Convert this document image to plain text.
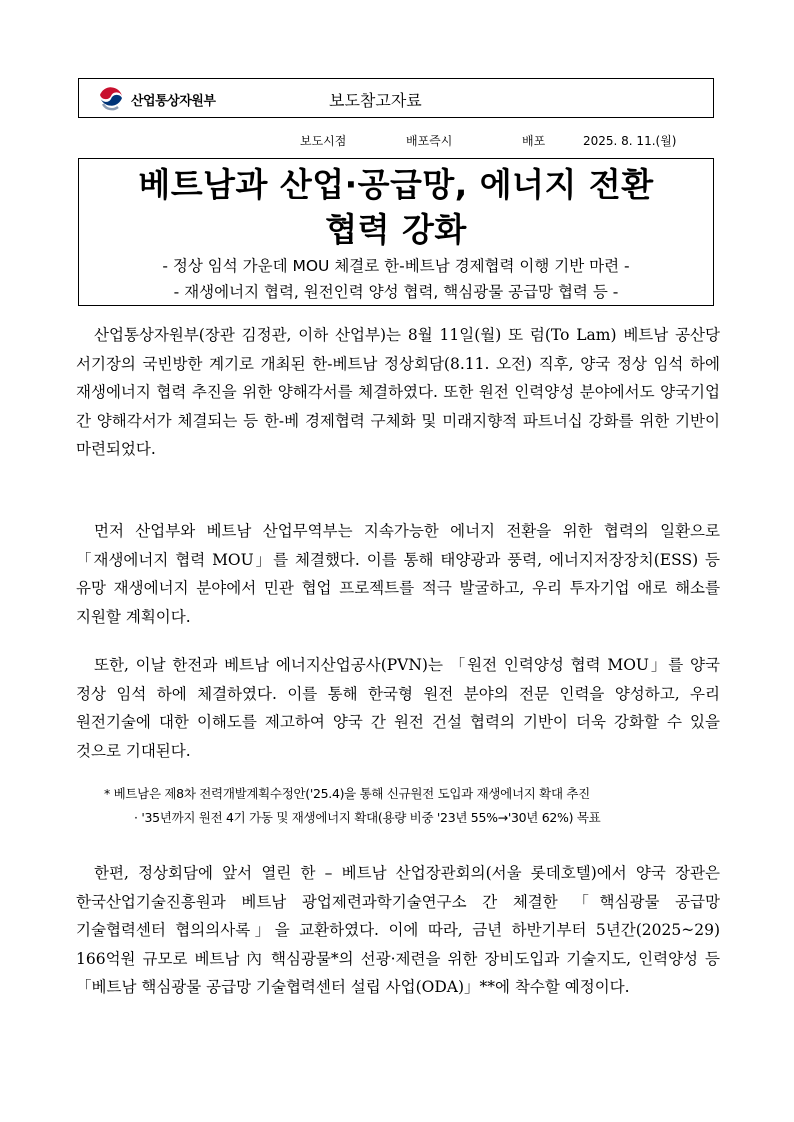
산업통상자원부	보도참고자료
보도시점	배포즉시	배포	2025. 8. 11.(월)
베트남과 산업·공급망, 에너지 전환
협력 강화
- 정상 임석 가운데 MOU 체결로 한-베트남 경제협력 이행 기반 마련 -
- 재생에너지 협력, 원전인력 양성 협력, 핵심광물 공급망 협력 등 -

산업통상자원부(장관 김정관, 이하 산업부)는 8월 11일(월) 또 럼(To Lam) 베트남 공산당 서기장의 국빈방한 계기로 개최된 한-베트남 정상회담(8.11. 오전) 직후, 양국 정상 임석 하에 재생에너지 협력 추진을 위한 양해각서를 체결하였다. 또한 원전 인력양성 분야에서도 양국기업 간 양해각서가 체결되는 등 한-베 경제협력 구체화 및 미래지향적 파트너십 강화를 위한 기반이 마련되었다.

먼저 산업부와 베트남 산업무역부는 지속가능한 에너지 전환을 위한 협력의 일환으로 「재생에너지 협력 MOU」를 체결했다. 이를 통해 태양광과 풍력, 에너지저장장치(ESS) 등 유망 재생에너지 분야에서 민관 협업 프로젝트를 적극 발굴하고, 우리 투자기업 애로 해소를 지원할 계획이다.

또한, 이날 한전과 베트남 에너지산업공사(PVN)는 「원전 인력양성 협력 MOU」를 양국 정상 임석 하에 체결하였다. 이를 통해 한국형 원전 분야의 전문 인력을 양성하고, 우리 원전기술에 대한 이해도를 제고하여 양국 간 원전 건설 협력의 기반이 더욱 강화할 수 있을 것으로 기대된다.

* 베트남은 제8차 전력개발계획수정안('25.4)을 통해 신규원전 도입과 재생에너지 확대 추진
· '35년까지 원전 4기 가동 및 재생에너지 확대(용량 비중 '23년 55%→'30년 62%) 목표

한편, 정상회담에 앞서 열린 한 – 베트남 산업장관회의(서울 롯데호텔)에서 양국 장관은 한국산업기술진흥원과 베트남 광업제련과학기술연구소 간 체결한 「핵심광물 공급망 기술협력센터 협의의사록」을 교환하였다. 이에 따라, 금년 하반기부터 5년간(2025~29) 166억원 규모로 베트남 內 핵심광물*의 선광·제련을 위한 장비도입과 기술지도, 인력양성 등 「베트남 핵심광물 공급망 기술협력센터 설립 사업(ODA)」**에 착수할 예정이다.
